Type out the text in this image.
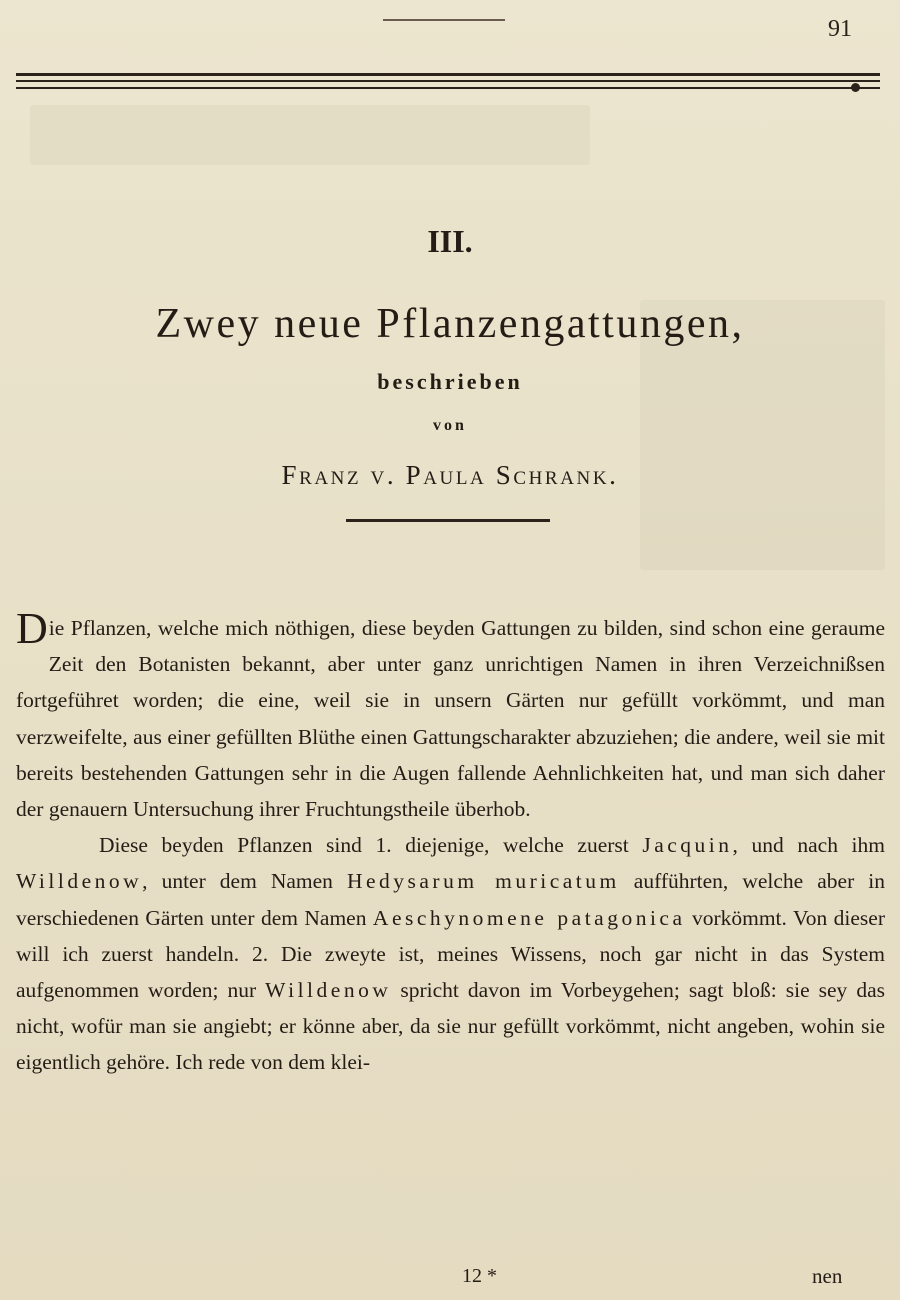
91
III.
Zwey neue Pflanzengattungen,
beschrieben
von
Franz v. Paula Schrank.

Die Pflanzen, welche mich nöthigen, diese beyden Gattungen zu bilden, sind schon eine geraume Zeit den Botanisten bekannt, aber unter ganz unrichtigen Namen in ihren Verzeichnißsen fortgeführet worden; die eine, weil sie in unsern Gärten nur gefüllt vorkömmt, und man verzweifelte, aus einer gefüllten Blüthe einen Gattungscharakter abzuziehen; die andere, weil sie mit bereits bestehenden Gattungen sehr in die Augen fallende Aehnlichkeiten hat, und man sich daher der genauern Untersuchung ihrer Fruchtungstheile überhob.

Diese beyden Pflanzen sind 1. diejenige, welche zuerst Jacquin, und nach ihm Willdenow, unter dem Namen Hedysarum muricatum aufführten, welche aber in verschiedenen Gärten unter dem Namen Aeschynomene patagonica vorkömmt. Von dieser will ich zuerst handeln. 2. Die zweyte ist, meines Wissens, noch gar nicht in das System aufgenommen worden; nur Willdenow spricht davon im Vorbeygehen; sagt bloß: sie sey das nicht, wofür man sie angiebt; er könne aber, da sie nur gefüllt vorkömmt, nicht angeben, wohin sie eigentlich gehöre. Ich rede von dem klei-

12 *	nen
